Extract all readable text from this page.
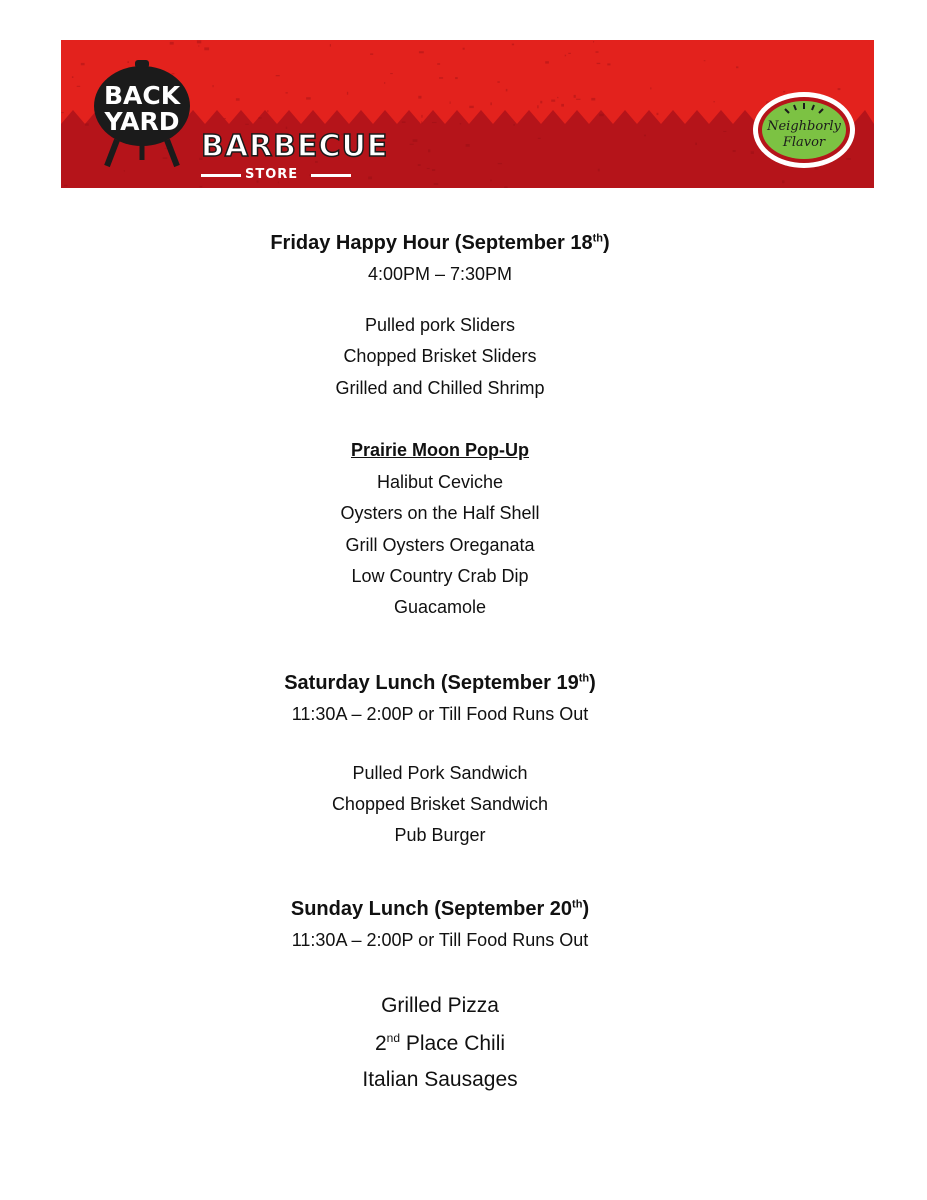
BACK
YARD
BARBECUE
STORE
Neighborly
Flavor
Friday Happy Hour (September 18th)
4:00PM – 7:30PM
Pulled pork Sliders
Chopped Brisket Sliders
Grilled and Chilled Shrimp
Prairie Moon Pop-Up
Halibut Ceviche
Oysters on the Half Shell
Grill Oysters Oreganata
Low Country Crab Dip
Guacamole
Saturday Lunch (September 19th)
11:30A – 2:00P or Till Food Runs Out
Pulled Pork Sandwich
Chopped Brisket Sandwich
Pub Burger
Sunday Lunch (September 20th)
11:30A – 2:00P or Till Food Runs Out
Grilled Pizza
2nd Place Chili
Italian Sausages
